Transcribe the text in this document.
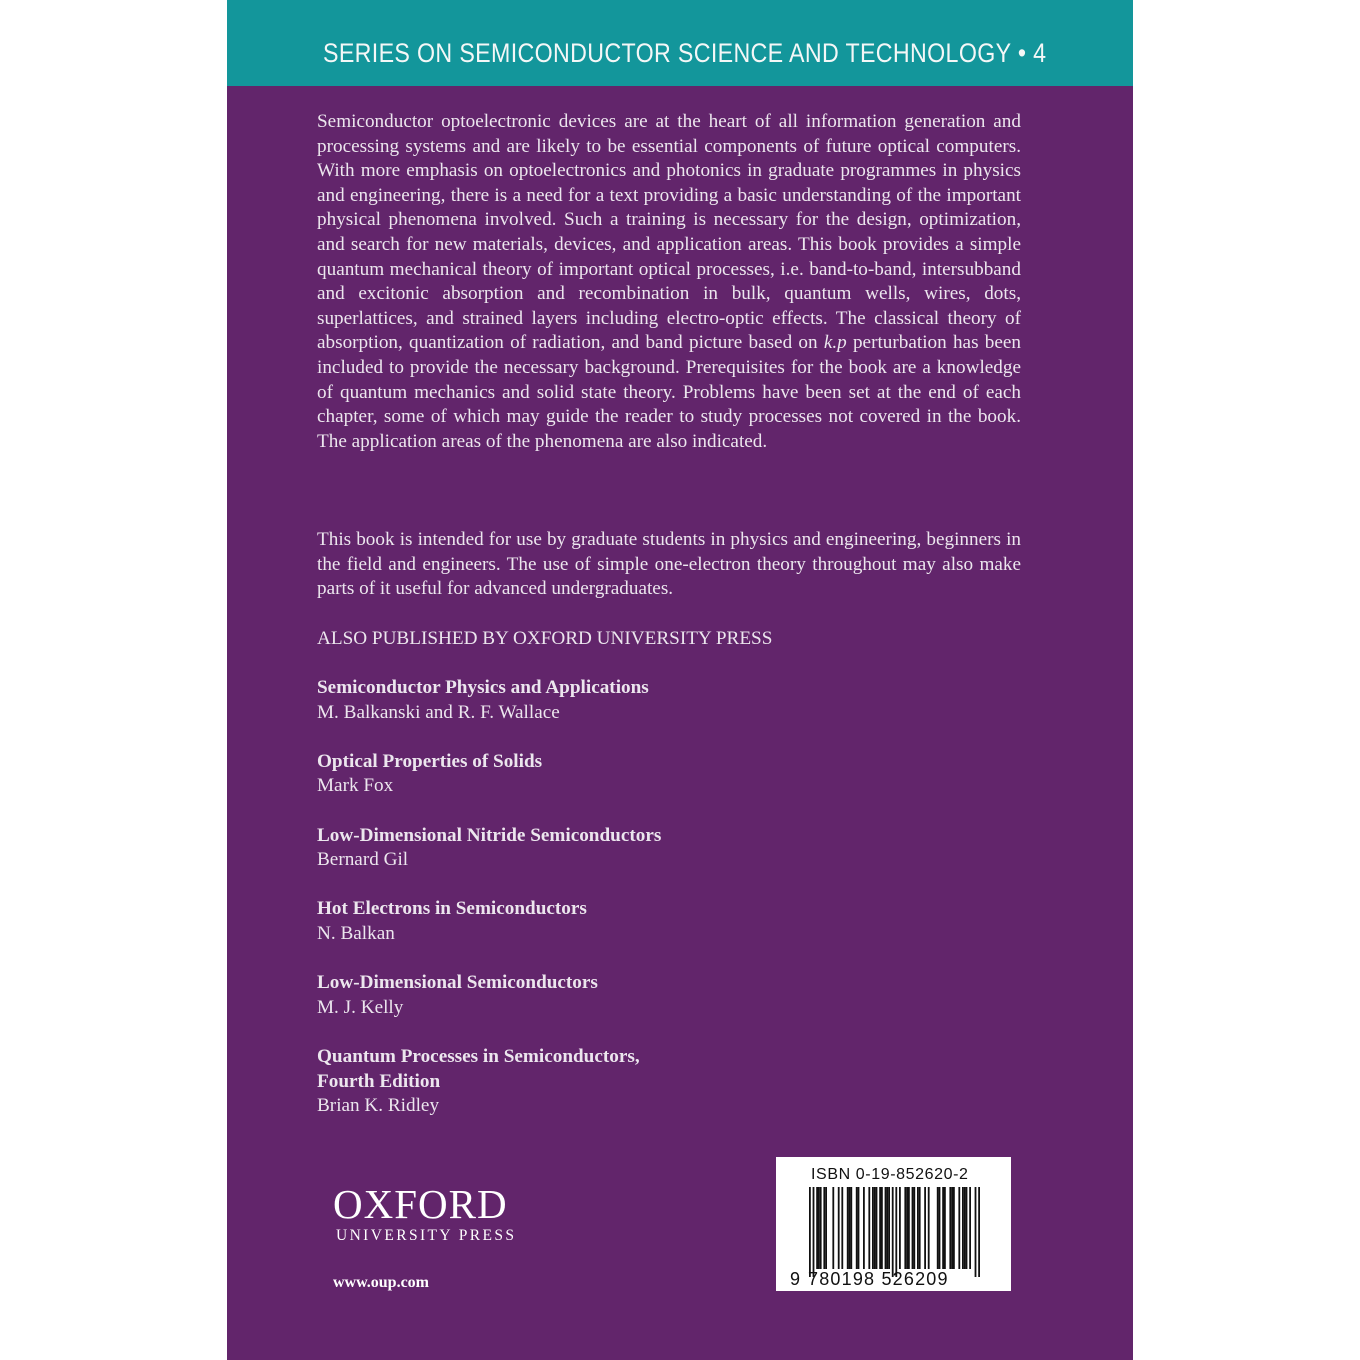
SERIES ON SEMICONDUCTOR SCIENCE AND TECHNOLOGY • 4

Semiconductor optoelectronic devices are at the heart of all information generation and processing systems and are likely to be essential components of future optical computers. With more emphasis on optoelectronics and photonics in graduate programmes in physics and engineering, there is a need for a text providing a basic understanding of the important physical phenomena involved. Such a training is necessary for the design, optimization, and search for new materials, devices, and application areas. This book provides a simple quantum mechanical theory of important optical processes, i.e. band-to-band, intersubband and excitonic absorption and recombination in bulk, quantum wells, wires, dots, superlattices, and strained layers including electro-optic effects. The classical theory of absorption, quantization of radiation, and band picture based on k.p perturbation has been included to provide the necessary background. Prerequisites for the book are a knowledge of quantum mechanics and solid state theory. Problems have been set at the end of each chapter, some of which may guide the reader to study processes not covered in the book. The application areas of the phenomena are also indicated.

This book is intended for use by graduate students in physics and engineering, beginners in the field and engineers. The use of simple one-electron theory throughout may also make parts of it useful for advanced undergraduates.

ALSO PUBLISHED BY OXFORD UNIVERSITY PRESS
Semiconductor Physics and Applications
M. Balkanski and R. F. Wallace
Optical Properties of Solids
Mark Fox
Low-Dimensional Nitride Semiconductors
Bernard Gil
Hot Electrons in Semiconductors
N. Balkan
Low-Dimensional Semiconductors
M. J. Kelly
Quantum Processes in Semiconductors,
Fourth Edition
Brian K. Ridley
OXFORD
UNIVERSITY PRESS
www.oup.com
ISBN 0-19-852620-2
9 780198 526209
